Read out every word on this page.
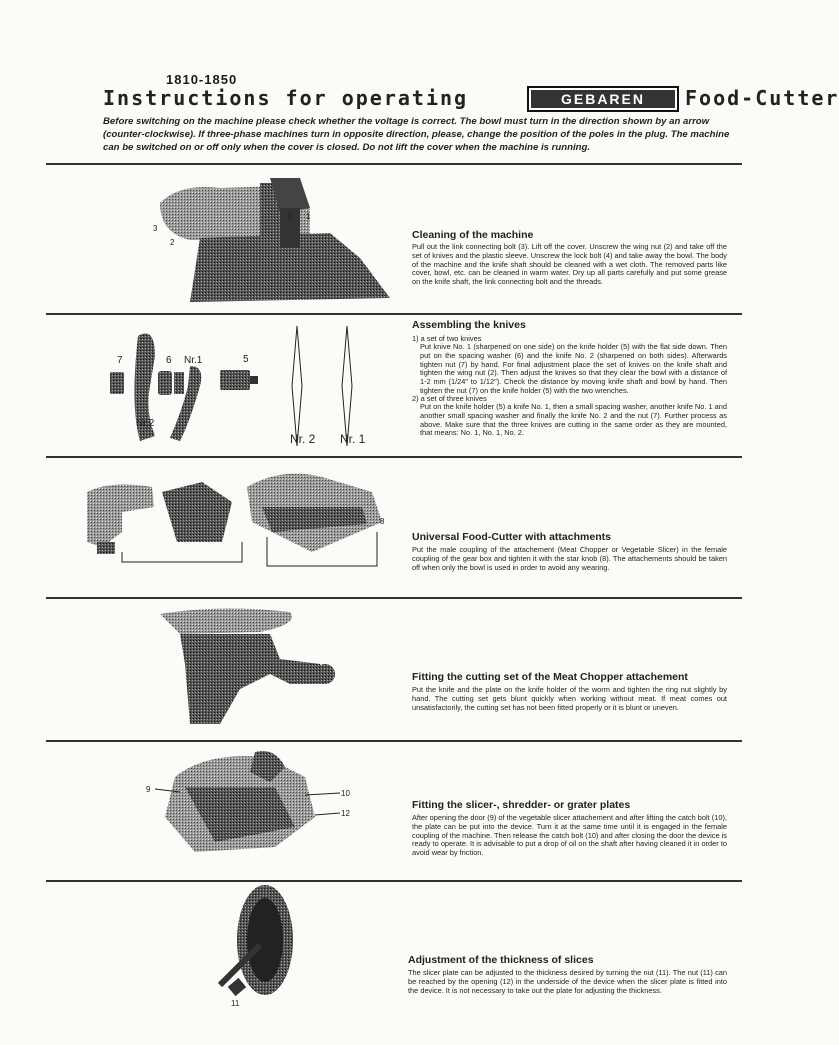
1810-1850
Instructions for operating	GEBAREN	Food-Cutter
Before switching on the machine please check whether the voltage is correct. The bowl must turn in the direction shown by an arrow (counter-clockwise). If three-phase machines turn in opposite direction, please, change the position of the poles in the plug. The machine can be switched on or off only when the cover is closed. Do not lift the cover when the machine is running.
3
2
4 1
Cleaning of the machine
Pull out the link connecting bolt (3). Lift off the cover. Unscrew the wing nut (2) and take off the set of knives and the plastic sleeve. Unscrew the lock bolt (4) and take away the bowl. The body of the machine and the knife shaft should be cleaned with a wet cloth. The removed parts like cover, bowl, etc. can be cleaned in warm water. Dry up all parts carefully and put some grease on the knife shaft, the link connecting bolt and the threads.
7	6 Nr.1	5
Nr.2
Nr. 2 Nr. 1
Assembling the knives
1) a set of two knives
Put knive No. 1 (sharpened on one side) on the knife holder (5) with the flat side down. Then put on the spacing washer (6) and the knife No. 2 (sharpened on both sides). Afterwards tighten nut (7) by hand. For final adjustment place the set of knives on the knife shaft and tighten the wing nut (2). Then adjust the knives so that they clear the bowl with a distance of 1-2 mm (1/24" to 1/12"). Check the distance by moving knife shaft and bowl by hand. Then tighten the nut (7) on the knife holder (5) with the two wrenches.
2) a set of three knives
Put on the knife holder (5) a knife No. 1, then a small spacing washer, another knife No. 1 and another small spacing washer and finally the knife No. 2 and the nut (7). Further process as above. Make sure that the three knives are cutting in the same order as they are mounted, that means: No. 1, No. 1, No. 2.
8
Universal Food-Cutter with attachments
Put the male coupling of the attachement (Meat Chopper or Vegetable Slicer) in the female coupling of the gear box and tighten it with the star knob (8). The attachements should be taken off when only the bowl is used in order to avoid any wearing.
Fitting the cutting set of the Meat Chopper attachement
Put the knife and the plate on the knife holder of the worm and tighten the ring nut slightly by hand. The cutting set gets blunt quickly when working without meat. If meat comes out unsatisfactorily, the cutting set has not been fitted properly or it is blunt or uneven.
9	10
12
Fitting the slicer-, shredder- or grater plates
After opening the door (9) of the vegetable slicer attachement and after lifting the catch bolt (10), the plate can be put into the device. Turn it at the same time until it is engaged in the female coupling of the machine. Then release the catch bolt (10) and after closing the door the device is ready to operate. It is advisable to put a drop of oil on the shaft after having cleaned it in order to avoid wear by friction.
11
Adjustment of the thickness of slices
The slicer plate can be adjusted to the thickness desired by turning the nut (11). The nut (11) can be reached by the opening (12) in the underside of the device when the slicer plate is fitted into the device. It is not necessary to take out the plate for adjusting the thickness.
